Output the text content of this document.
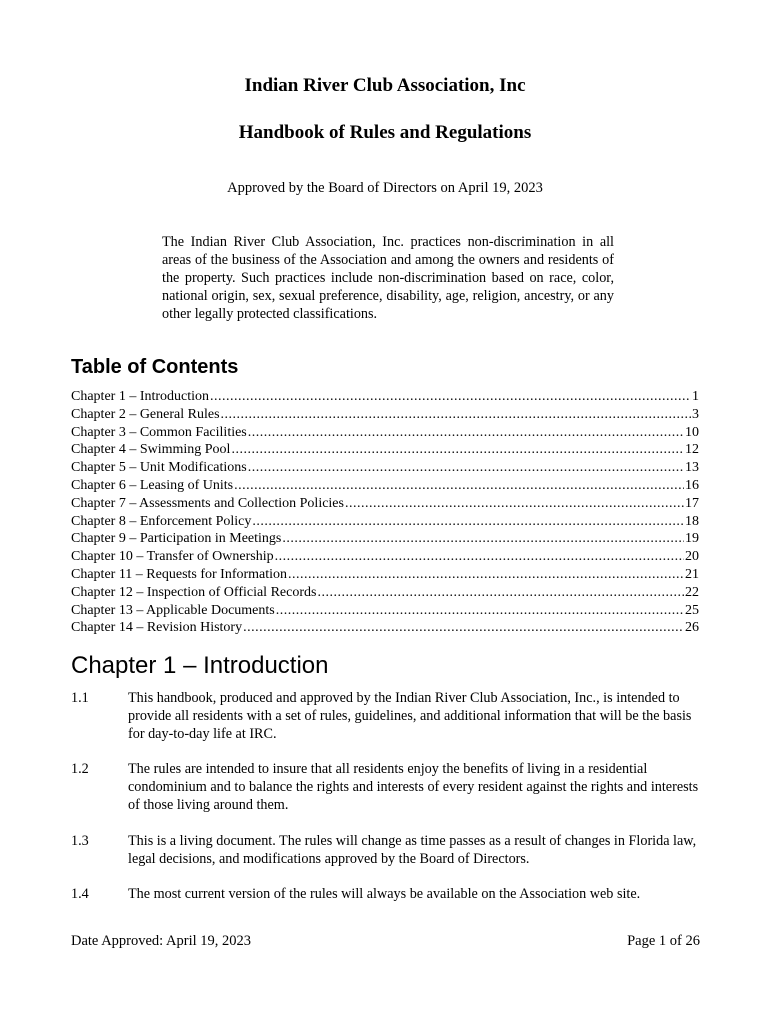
Indian River Club Association, Inc
Handbook of Rules and Regulations
Approved by the Board of Directors on April 19, 2023
The Indian River Club Association, Inc. practices non-discrimination in all areas of the business of the Association and among the owners and residents of the property. Such practices include non-discrimination based on race, color, national origin, sex, sexual preference, disability, age, religion, ancestry, or any other legally protected classifications.
Table of Contents
Chapter 1 – Introduction .....	1
Chapter 2 – General Rules .....	3
Chapter 3 – Common Facilities .....	10
Chapter 4 – Swimming Pool .....	12
Chapter 5 – Unit Modifications .....	13
Chapter 6 – Leasing of Units .....	16
Chapter 7 – Assessments and Collection Policies .....	17
Chapter 8 – Enforcement Policy .....	18
Chapter 9 – Participation in Meetings .....	19
Chapter 10 – Transfer of Ownership .....	20
Chapter 11 – Requests for Information .....	21
Chapter 12 – Inspection of Official Records .....	22
Chapter 13 – Applicable Documents .....	25
Chapter 14 – Revision History .....	26
Chapter 1 – Introduction
1.1	This handbook, produced and approved by the Indian River Club Association, Inc., is intended to provide all residents with a set of rules, guidelines, and additional information that will be the basis for day-to-day life at IRC.
1.2	The rules are intended to insure that all residents enjoy the benefits of living in a residential condominium and to balance the rights and interests of every resident against the rights and interests of those living around them.
1.3	This is a living document. The rules will change as time passes as a result of changes in Florida law, legal decisions, and modifications approved by the Board of Directors.
1.4	The most current version of the rules will always be available on the Association web site.
Date Approved: April 19, 2023	Page 1 of 26
